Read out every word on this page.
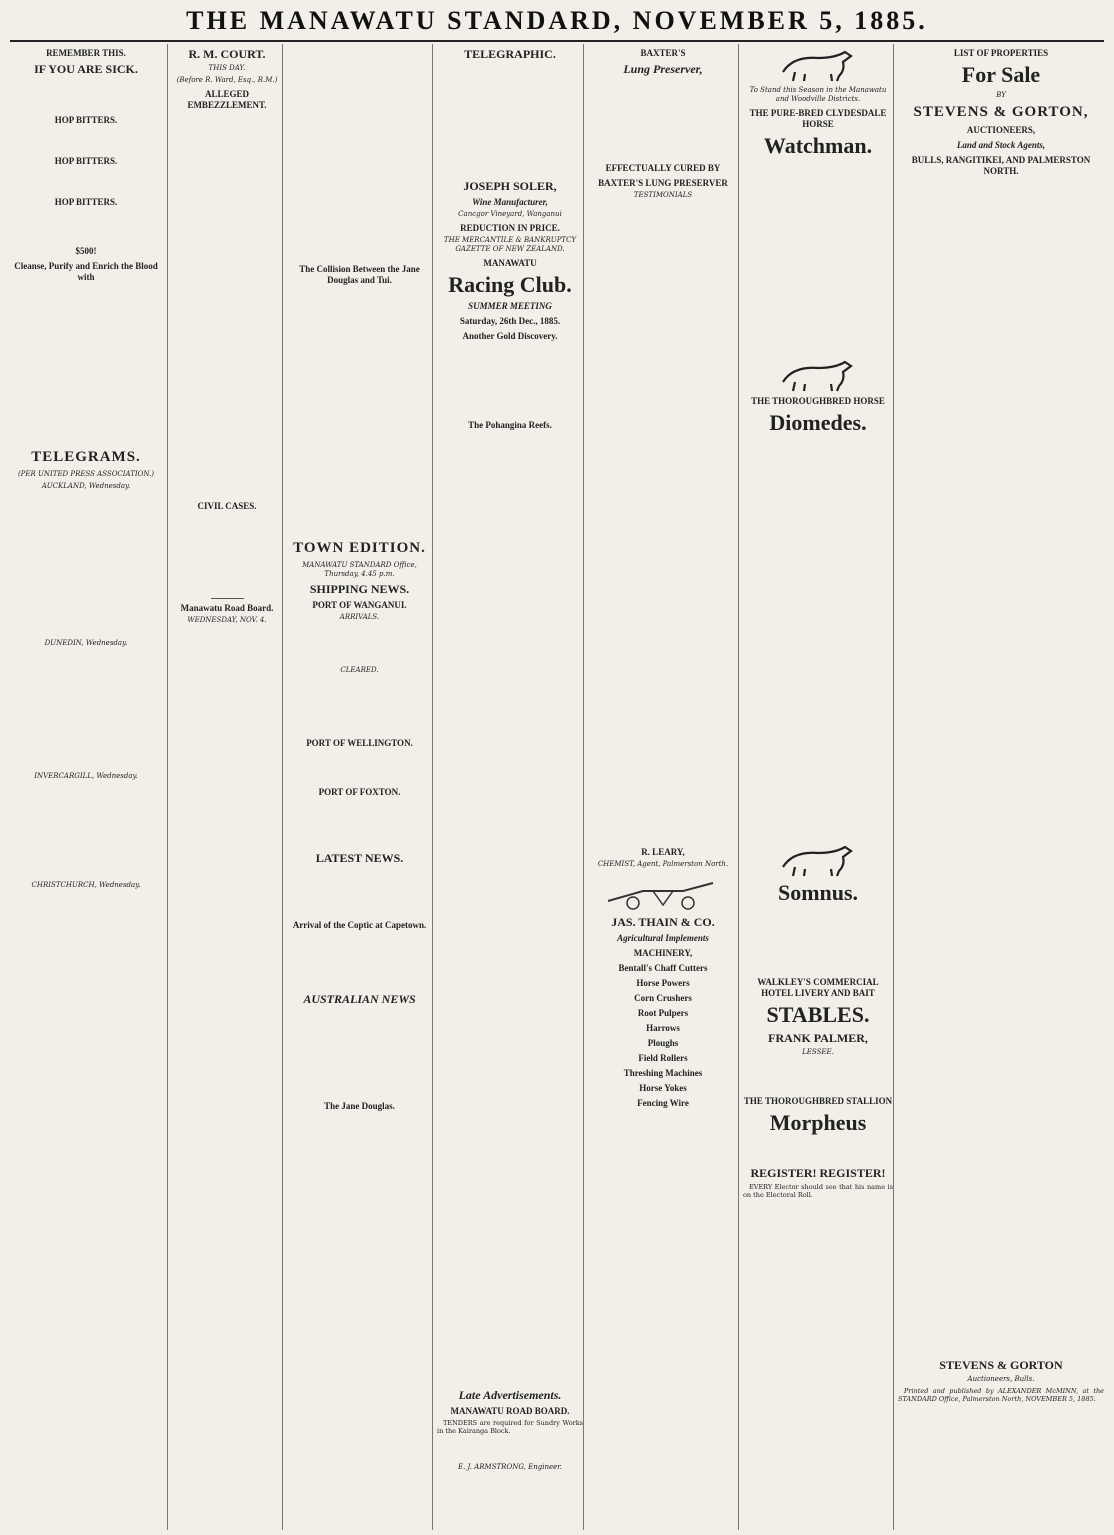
THE MANAWATU STANDARD, NOVEMBER 5, 1885.
REMEMBER THIS.
IF YOU ARE SICK.
HOP BITTERS.
HOP BITTERS.
HOP BITTERS.
$500!
Cleanse, Purify and Enrich the Blood with
TELEGRAMS.
(PER UNITED PRESS ASSOCIATION.)
AUCKLAND, Wednesday.
DUNEDIN, Wednesday.
INVERCARGILL, Wednesday.
CHRISTCHURCH, Wednesday.
R. M. COURT.
THIS DAY.
(Before R. Ward, Esq., R.M.)
ALLEGED EMBEZZLEMENT.
CIVIL CASES.
Manawatu Road Board.
WEDNESDAY, NOV. 4.
The Collision Between the Jane Douglas and Tui.
TOWN EDITION.
MANAWATU STANDARD Office, Thursday, 4.45 p.m.
SHIPPING NEWS.
PORT OF WANGANUI.
ARRIVALS.
CLEARED.
PORT OF WELLINGTON.
PORT OF FOXTON.
LATEST NEWS.
Arrival of the Coptic at Capetown.
AUSTRALIAN NEWS
The Jane Douglas.
TELEGRAPHIC.
JOSEPH SOLER,
Wine Manufacturer,
Cancgor Vineyard, Wanganui
REDUCTION IN PRICE.
THE MERCANTILE & BANKRUPTCY GAZETTE OF NEW ZEALAND.
MANAWATU
Racing Club.
SUMMER MEETING
Saturday, 26th Dec., 1885.
Another Gold Discovery.
The Pohangina Reefs.
Late Advertisements.
MANAWATU ROAD BOARD.
TENDERS are required for Sundry Works in the Kairanga Block.
E. J. ARMSTRONG, Engineer.
BAXTER'S
Lung Preserver,
EFFECTUALLY CURED BY
BAXTER'S LUNG PRESERVER
TESTIMONIALS
R. LEARY,
CHEMIST, Agent, Palmerston North.
JAS. THAIN & CO.
Agricultural Implements
MACHINERY,
Bentall's Chaff Cutters
Horse Powers
Corn Crushers
Root Pulpers
Harrows
Ploughs
Field Rollers
Threshing Machines
Horse Yokes
Fencing Wire
To Stand this Season in the Manawatu and Woodville Districts.
THE PURE-BRED CLYDESDALE HORSE
Watchman.
THE THOROUGHBRED HORSE
Diomedes.
Somnus.
WALKLEY'S COMMERCIAL HOTEL LIVERY AND BAIT
STABLES.
FRANK PALMER,
LESSEE.
THE THOROUGHBRED STALLION
Morpheus
REGISTER! REGISTER!
EVERY Elector should see that his name is on the Electoral Roll.
LIST OF PROPERTIES
For Sale
BY
STEVENS & GORTON,
AUCTIONEERS,
Land and Stock Agents,
BULLS, RANGITIKEI, AND PALMERSTON NORTH.
STEVENS & GORTON
Auctioneers, Bulls.
Printed and published by ALEXANDER McMINN, at the STANDARD Office, Palmerston North, NOVEMBER 5, 1885.
